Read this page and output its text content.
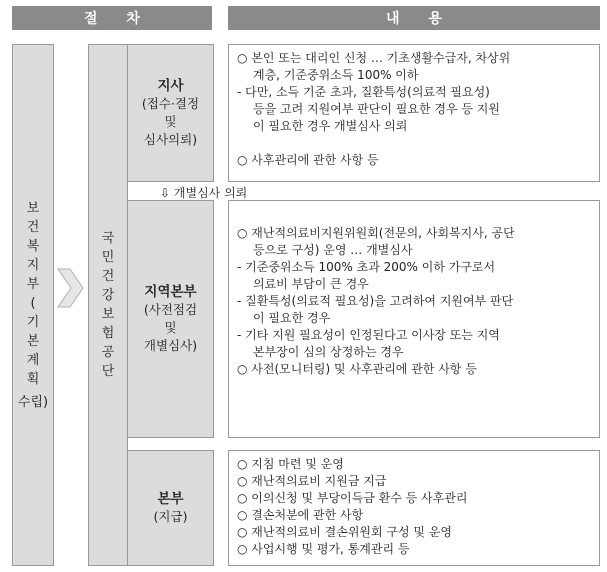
절 차	내 용
보
건
복
지
부
(
기
본
계
획
수립)
국
민
건
강
보
험
공
단
지사
(접수·결정
및
심사의뢰)
⇩ 개별심사 의뢰
지역본부
(사전점검
및
개별심사)
본부
(지급)
○ 본인 또는 대리인 신청 … 기초생활수급자, 차상위
계층, 기준중위소득 100% 이하
- 다만, 소득 기준 초과, 질환특성(의료적 필요성)
등을 고려 지원여부 판단이 필요한 경우 등 지원
이 필요한 경우 개별심사 의뢰
○ 사후관리에 관한 사항 등
○ 재난적의료비지원위원회(전문의, 사회복지사, 공단
등으로 구성) 운영 … 개별심사
- 기준중위소득 100% 초과 200% 이하 가구로서
의료비 부담이 큰 경우
- 질환특성(의료적 필요성)을 고려하여 지원여부 판단
이 필요한 경우
- 기타 지원 필요성이 인정된다고 이사장 또는 지역
본부장이 심의 상정하는 경우
○ 사전(모니터링) 및 사후관리에 관한 사항 등
○ 지침 마련 및 운영
○ 재난적의료비 지원금 지급
○ 이의신청 및 부당이득금 환수 등 사후관리
○ 결손처분에 관한 사항
○ 재난적의료비 결손위원회 구성 및 운영
○ 사업시행 및 평가, 통계관리 등
